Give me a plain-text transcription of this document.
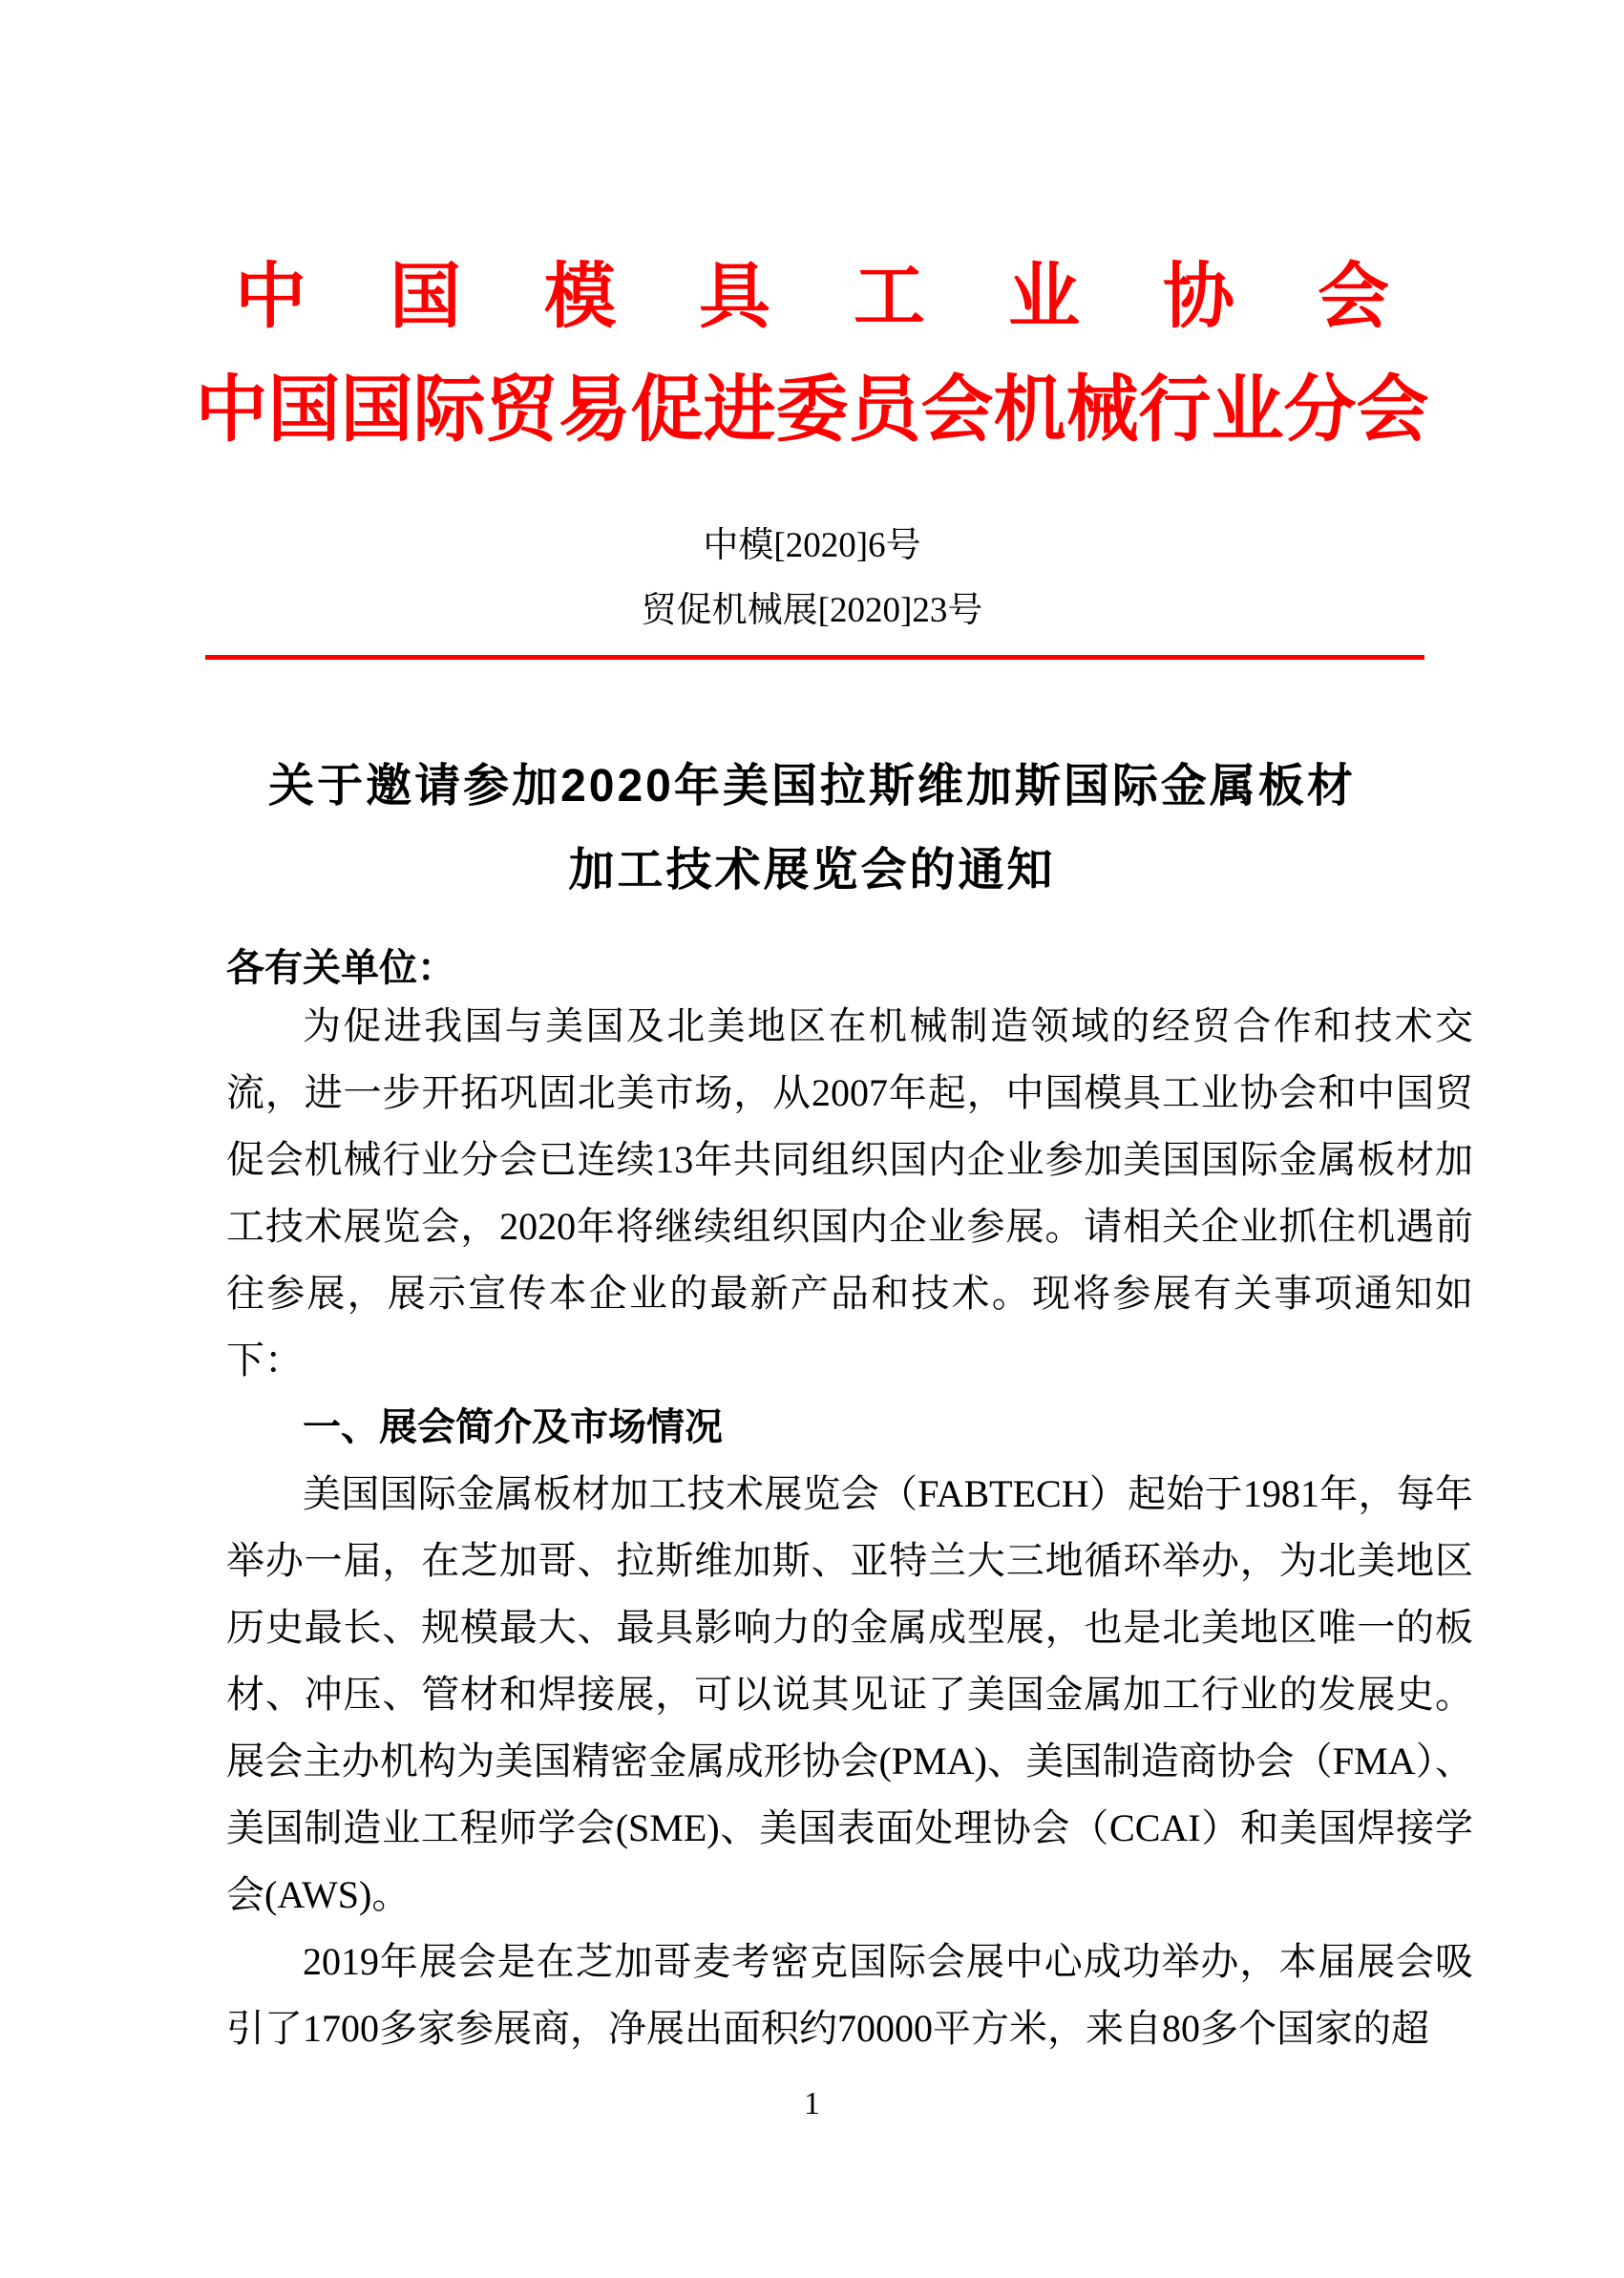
中国模具工业协会
中国国际贸易促进委员会机械行业分会
中模[2020]6号
贸促机械展[2020]23号
关于邀请参加2020年美国拉斯维加斯国际金属板材
加工技术展览会的通知
各有关单位：

为促进我国与美国及北美地区在机械制造领域的经贸合作和技术交流，进一步开拓巩固北美市场，从2007年起，中国模具工业协会和中国贸促会机械行业分会已连续13年共同组织国内企业参加美国国际金属板材加工技术展览会，2020年将继续组织国内企业参展。请相关企业抓住机遇前往参展，展示宣传本企业的最新产品和技术。现将参展有关事项通知如下：

一、展会简介及市场情况

美国国际金属板材加工技术展览会（FABTECH）起始于1981年，每年举办一届，在芝加哥、拉斯维加斯、亚特兰大三地循环举办，为北美地区历史最长、规模最大、最具影响力的金属成型展，也是北美地区唯一的板材、冲压、管材和焊接展，可以说其见证了美国金属加工行业的发展史。展会主办机构为美国精密金属成形协会(PMA)、美国制造商协会（FMA）、美国制造业工程师学会(SME)、美国表面处理协会（CCAI）和美国焊接学会(AWS)。

2019年展会是在芝加哥麦考密克国际会展中心成功举办，本届展会吸引了1700多家参展商，净展出面积约70000平方米，来自80多个国家的超

1
